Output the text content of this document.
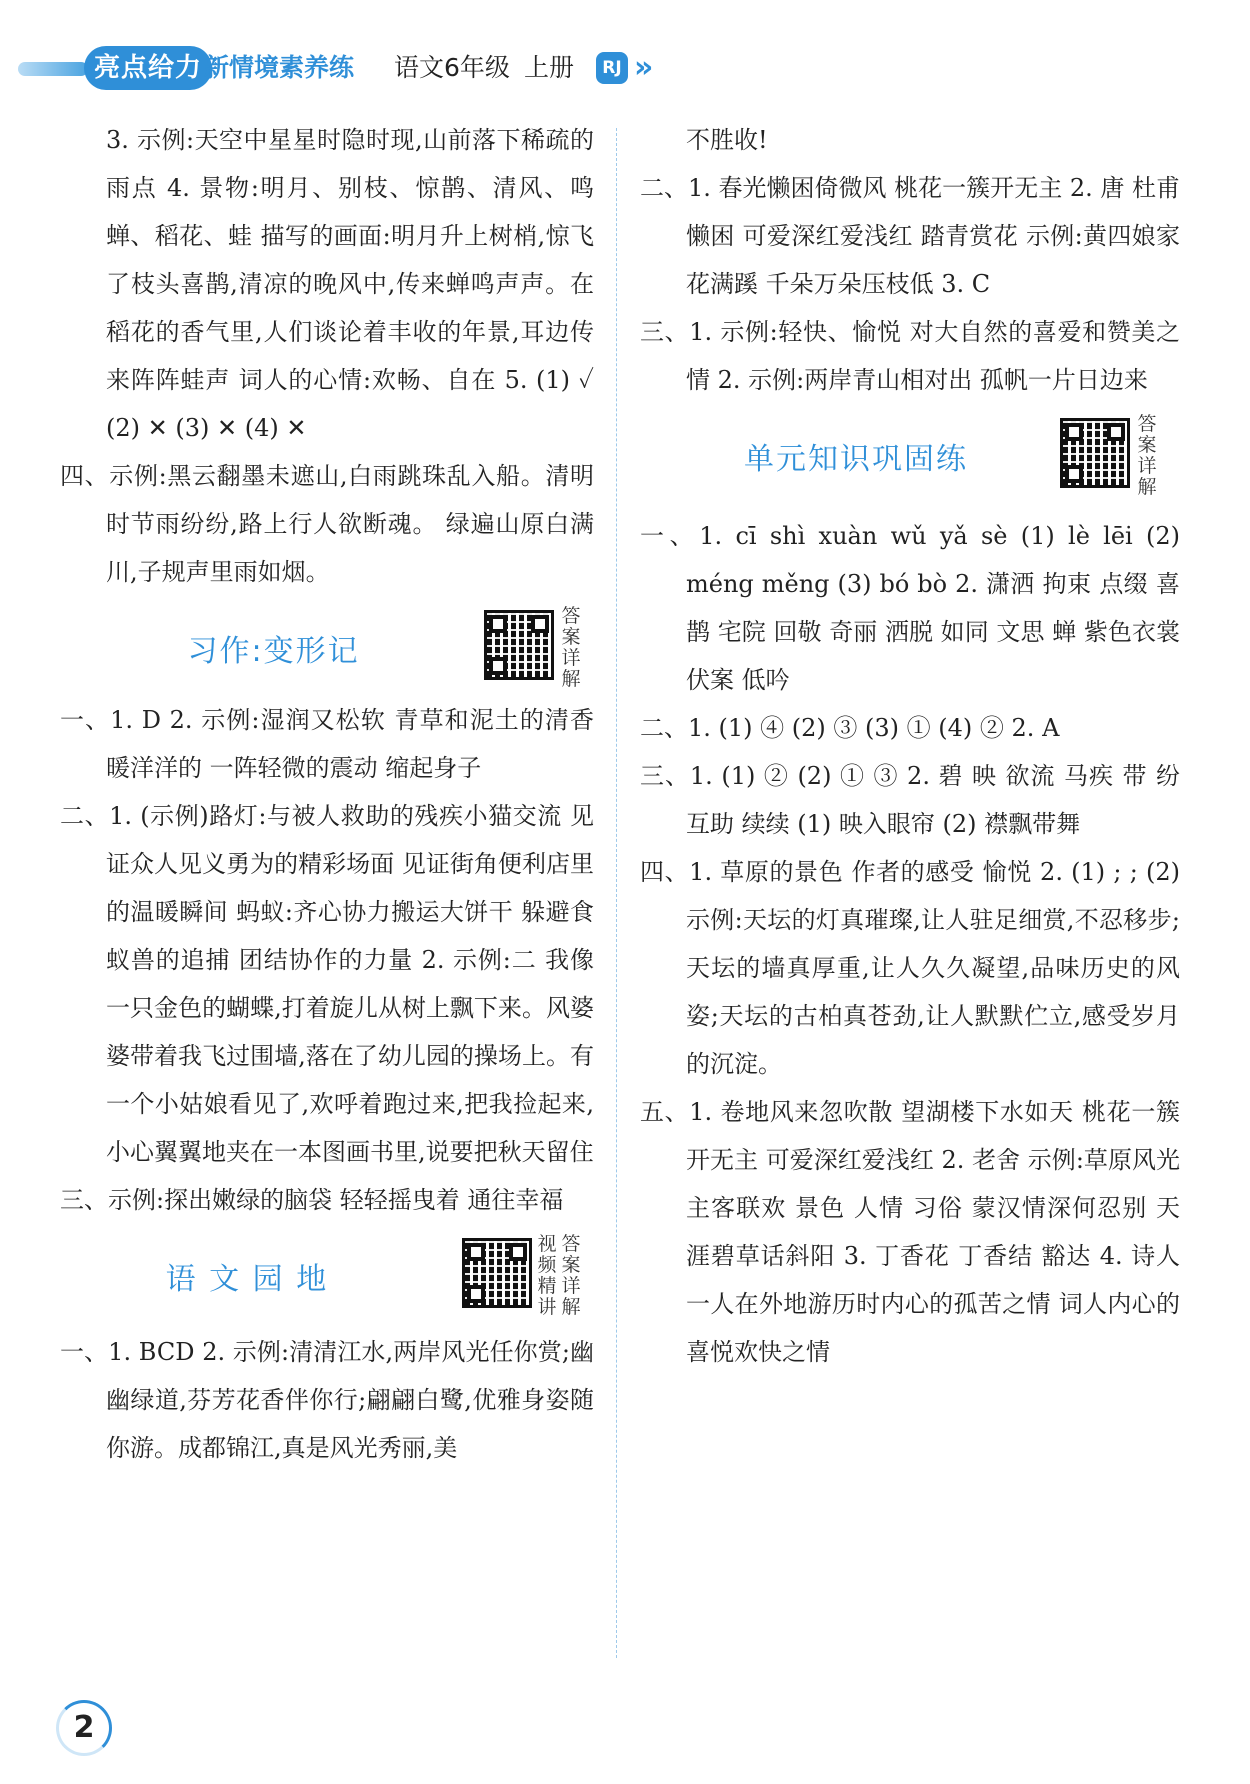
亮点给力 新情境素养练 语文6年级 上册	RJ »

3. 示例:天空中星星时隐时现,山前落下稀疏的雨点 4. 景物:明月、别枝、惊鹊、清风、鸣蝉、稻花、蛙 描写的画面:明月升上树梢,惊飞了枝头喜鹊,清凉的晚风中,传来蝉鸣声声。在稻花的香气里,人们谈论着丰收的年景,耳边传来阵阵蛙声 词人的心情:欢畅、自在 5. (1) ✓ (2) ✕ (3) ✕ (4) ✕

四、示例:黑云翻墨未遮山,白雨跳珠乱入船。清明时节雨纷纷,路上行人欲断魂。 绿遍山原白满川,子规声里雨如烟。

习作:变形记
答案详解

一、1. D 2. 示例:湿润又松软 青草和泥土的清香 暖洋洋的 一阵轻微的震动 缩起身子

二、1. (示例)路灯:与被人救助的残疾小猫交流 见证众人见义勇为的精彩场面 见证街角便利店里的温暖瞬间 蚂蚁:齐心协力搬运大饼干 躲避食蚁兽的追捕 团结协作的力量 2. 示例:二 我像一只金色的蝴蝶,打着旋儿从树上飘下来。风婆婆带着我飞过围墙,落在了幼儿园的操场上。有一个小姑娘看见了,欢呼着跑过来,把我捡起来,小心翼翼地夹在一本图画书里,说要把秋天留住

三、示例:探出嫩绿的脑袋 轻轻摇曳着 通往幸福

语 文 园 地
视频精讲
答案详解

一、1. BCD 2. 示例:清清江水,两岸风光任你赏;幽幽绿道,芬芳花香伴你行;翩翩白鹭,优雅身姿随你游。成都锦江,真是风光秀丽,美

不胜收!

二、1. 春光懒困倚微风 桃花一簇开无主 2. 唐 杜甫 懒困 可爱深红爱浅红 踏青赏花 示例:黄四娘家花满蹊 千朵万朵压枝低 3. C

三、1. 示例:轻快、愉悦 对大自然的喜爱和赞美之情 2. 示例:两岸青山相对出 孤帆一片日边来

单元知识巩固练
答案详解

一、1. cī shì xuàn wǔ yǎ sè (1) lè lēi (2) méng měng (3) bó bò 2. 潇洒 拘束 点缀 喜鹊 宅院 回敬 奇丽 洒脱 如同 文思 蝉 紫色衣裳 伏案 低吟

二、1. (1) ④ (2) ③ (3) ① (4) ② 2. A

三、1. (1) ② (2) ① ③ 2. 碧 映 欲流 马疾 带 纷 互助 续续 (1) 映入眼帘 (2) 襟飘带舞

四、1. 草原的景色 作者的感受 愉悦 2. (1) ; ; (2) 示例:天坛的灯真璀璨,让人驻足细赏,不忍移步;天坛的墙真厚重,让人久久凝望,品味历史的风姿;天坛的古柏真苍劲,让人默默伫立,感受岁月的沉淀。

五、1. 卷地风来忽吹散 望湖楼下水如天 桃花一簇开无主 可爱深红爱浅红 2. 老舍 示例:草原风光 主客联欢 景色 人情 习俗 蒙汉情深何忍别 天涯碧草话斜阳 3. 丁香花 丁香结 豁达 4. 诗人一人在外地游历时内心的孤苦之情 词人内心的喜悦欢快之情

2
